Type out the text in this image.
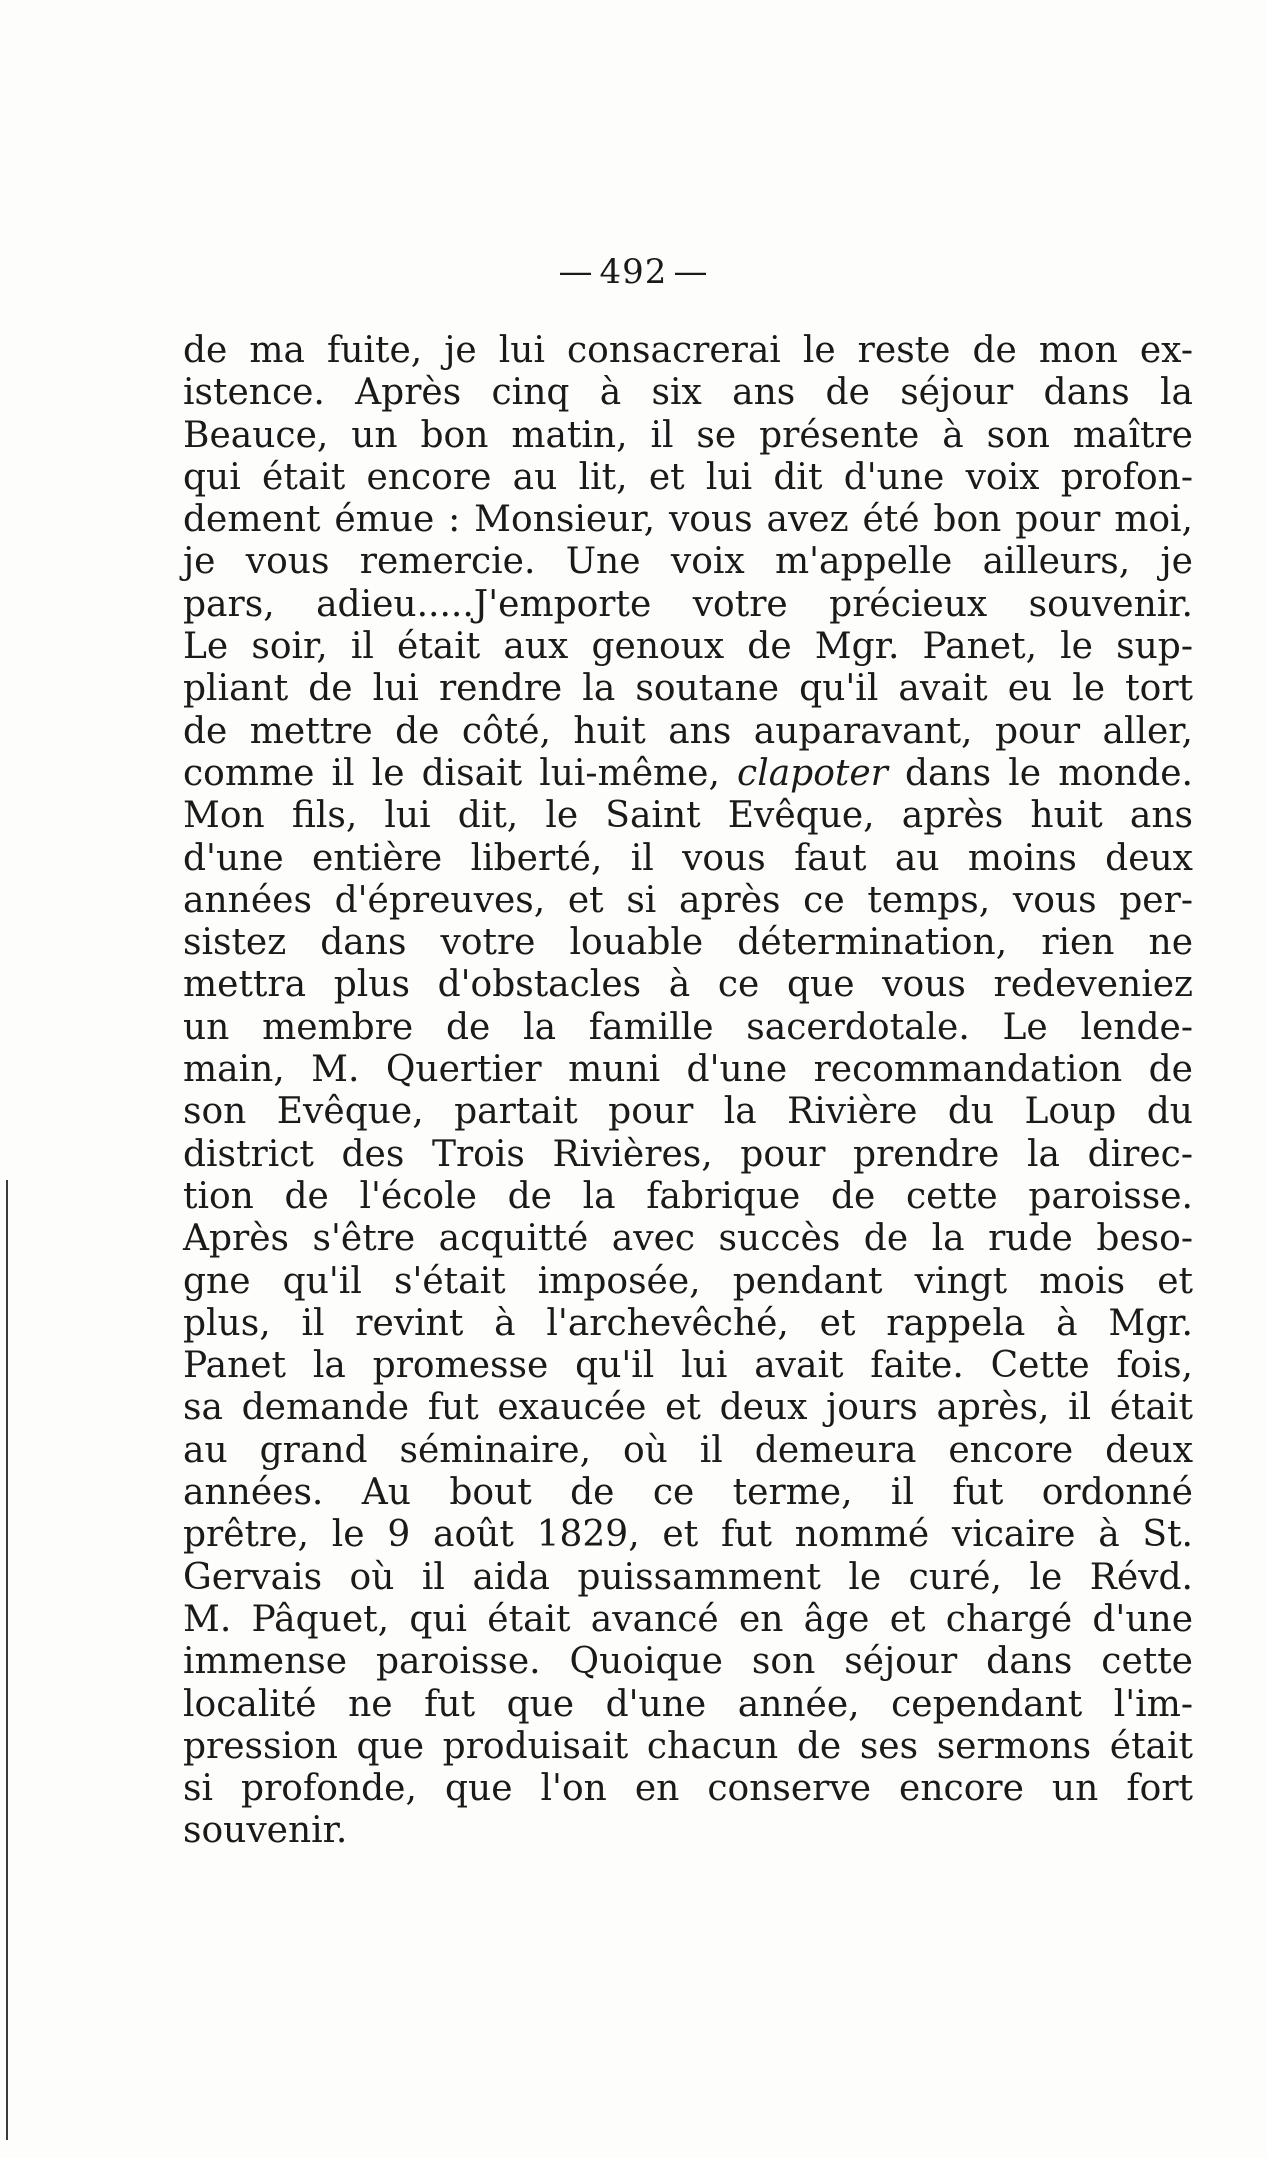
— 492 —
de ma fuite, je lui consacrerai le reste de mon ex-
istence. Après cinq à six ans de séjour dans la
Beauce, un bon matin, il se présente à son maître
qui était encore au lit, et lui dit d'une voix profon-
dement émue : Monsieur, vous avez été bon pour moi,
je vous remercie. Une voix m'appelle ailleurs, je
pars, adieu.....J'emporte votre précieux souvenir.
Le soir, il était aux genoux de Mgr. Panet, le sup-
pliant de lui rendre la soutane qu'il avait eu le tort
de mettre de côté, huit ans auparavant, pour aller,
comme il le disait lui-même, clapoter dans le monde.
Mon fils, lui dit, le Saint Evêque, après huit ans
d'une entière liberté, il vous faut au moins deux
années d'épreuves, et si après ce temps, vous per-
sistez dans votre louable détermination, rien ne
mettra plus d'obstacles à ce que vous redeveniez
un membre de la famille sacerdotale. Le lende-
main, M. Quertier muni d'une recommandation de
son Evêque, partait pour la Rivière du Loup du
district des Trois Rivières, pour prendre la direc-
tion de l'école de la fabrique de cette paroisse.
Après s'être acquitté avec succès de la rude beso-
gne qu'il s'était imposée, pendant vingt mois et
plus, il revint à l'archevêché, et rappela à Mgr.
Panet la promesse qu'il lui avait faite. Cette fois,
sa demande fut exaucée et deux jours après, il était
au grand séminaire, où il demeura encore deux
années. Au bout de ce terme, il fut ordonné
prêtre, le 9 août 1829, et fut nommé vicaire à St.
Gervais où il aida puissamment le curé, le Révd.
M. Pâquet, qui était avancé en âge et chargé d'une
immense paroisse. Quoique son séjour dans cette
localité ne fut que d'une année, cependant l'im-
pression que produisait chacun de ses sermons était
si profonde, que l'on en conserve encore un fort
souvenir.
